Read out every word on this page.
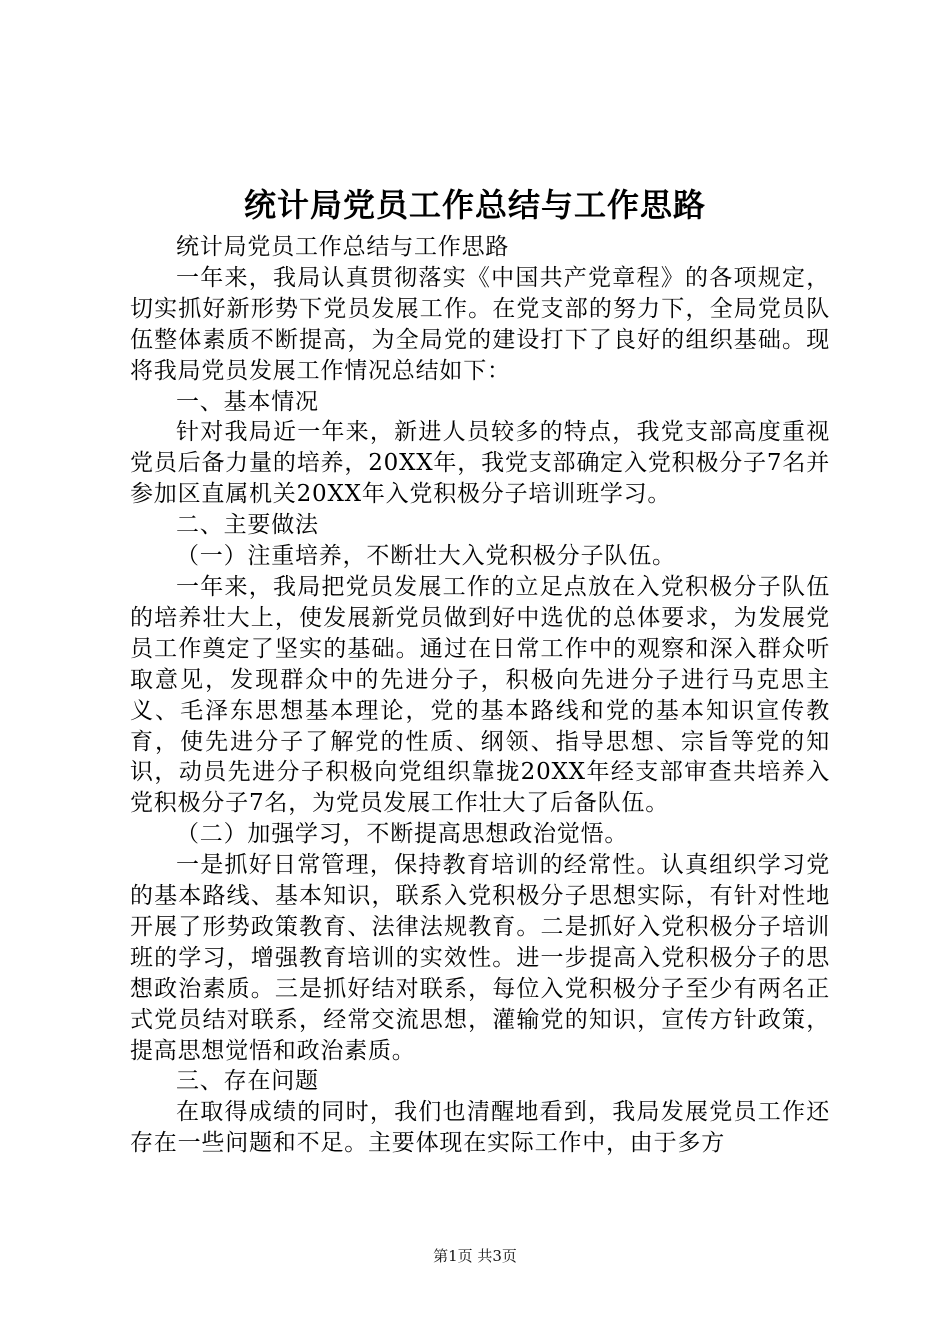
统计局党员工作总结与工作思路

统计局党员工作总结与工作思路

一年来，我局认真贯彻落实《中国共产党章程》的各项规定，切实抓好新形势下党员发展工作。在党支部的努力下，全局党员队伍整体素质不断提高，为全局党的建设打下了良好的组织基础。现将我局党员发展工作情况总结如下：

一、基本情况

针对我局近一年来，新进人员较多的特点，我党支部高度重视党员后备力量的培养，20XX年，我党支部确定入党积极分子7名并参加区直属机关20XX年入党积极分子培训班学习。

二、主要做法

（一）注重培养，不断壮大入党积极分子队伍。

一年来，我局把党员发展工作的立足点放在入党积极分子队伍的培养壮大上，使发展新党员做到好中选优的总体要求，为发展党员工作奠定了坚实的基础。通过在日常工作中的观察和深入群众听取意见，发现群众中的先进分子，积极向先进分子进行马克思主义、毛泽东思想基本理论，党的基本路线和党的基本知识宣传教育，使先进分子了解党的性质、纲领、指导思想、宗旨等党的知识，动员先进分子积极向党组织靠拢20XX年经支部审查共培养入党积极分子7名，为党员发展工作壮大了后备队伍。

（二）加强学习，不断提高思想政治觉悟。

一是抓好日常管理，保持教育培训的经常性。认真组织学习党的基本路线、基本知识，联系入党积极分子思想实际，有针对性地开展了形势政策教育、法律法规教育。二是抓好入党积极分子培训班的学习，增强教育培训的实效性。进一步提高入党积极分子的思想政治素质。三是抓好结对联系，每位入党积极分子至少有两名正式党员结对联系，经常交流思想，灌输党的知识，宣传方针政策，提高思想觉悟和政治素质。

三、存在问题

在取得成绩的同时，我们也清醒地看到，我局发展党员工作还存在一些问题和不足。主要体现在实际工作中，由于多方

第1页 共3页
